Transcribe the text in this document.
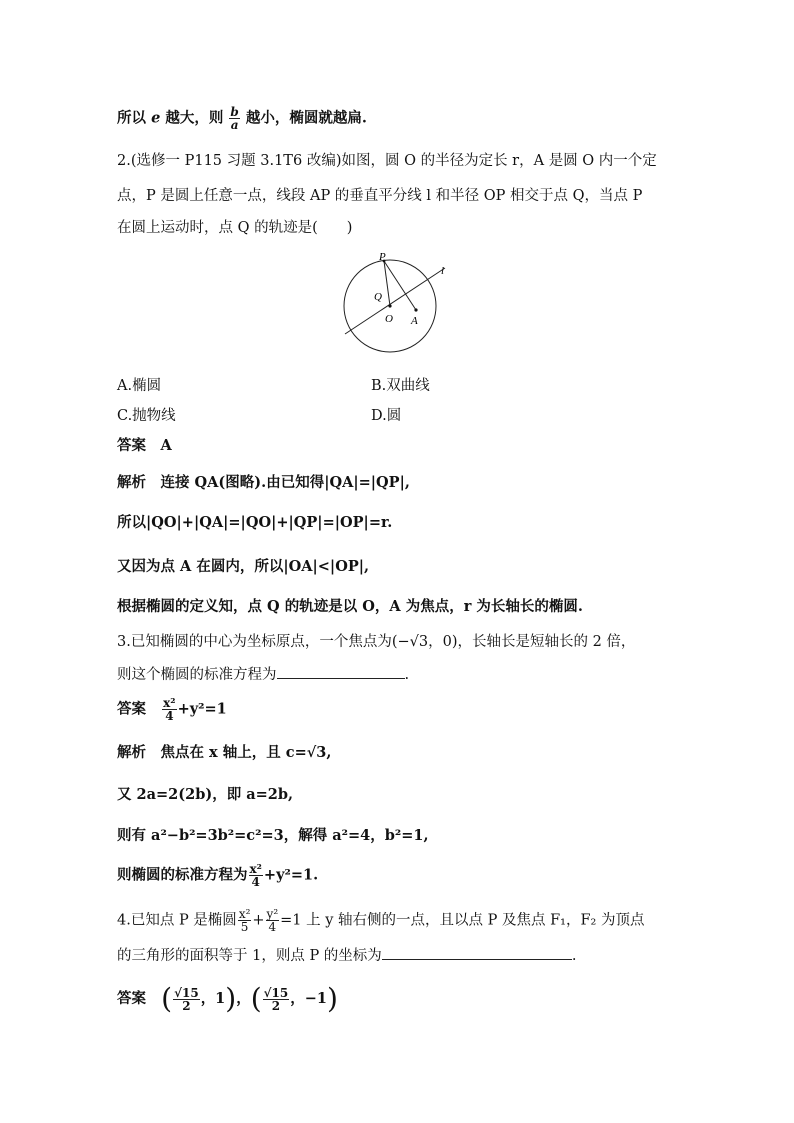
所以 e 越大，则 $\frac{b}{a}$ 越小，椭圆就越扁.
2.(选修一 P115 习题 3.1T6 改编)如图，圆 O 的半径为定长 r，A 是圆 O 内一个定
点，P 是圆上任意一点，线段 AP 的垂直平分线 l 和半径 OP 相交于点 Q，当点 P
在圆上运动时，点 Q 的轨迹是(　　)
P
Q
O A
l
A.椭圆	B.双曲线
C.抛物线	D.圆
答案　A
解析　连接 QA(图略).由已知得|QA|=|QP|,
所以|QO|+|QA|=|QO|+|QP|=|OP|=r.
又因为点 A 在圆内，所以|OA|<|OP|,
根据椭圆的定义知，点 Q 的轨迹是以 O，A 为焦点，r 为长轴长的椭圆.
3.已知椭圆的中心为坐标原点，一个焦点为(−√3，0)，长轴长是短轴长的 2 倍，
则这个椭圆的标准方程为	.
答案 $\frac{\text{x²}}{4} +y^2=1$
解析　焦点在 x 轴上，且 c=√3,
又 2a=2(2b)，即 a=2b,
则有 a²−b²=3b²=c²=3，解得 a²=4，b²=1,
则椭圆的标准方程为 $\frac{\text{x²}}{4} +y^2=1$.
4.已知点 P 是椭圆 $\frac{\text{x²}}{5} + \frac{\text{y²}}{4} =1$ 上 y 轴右侧的一点，且以点 P 及焦点 F₁，F₂ 为顶点
的三角形的面积等于 1，则点 P 的坐标为	.
答案 ( $\frac{√15}{2}$ ，1)，( $\frac{√15}{2}$ ，−1)
